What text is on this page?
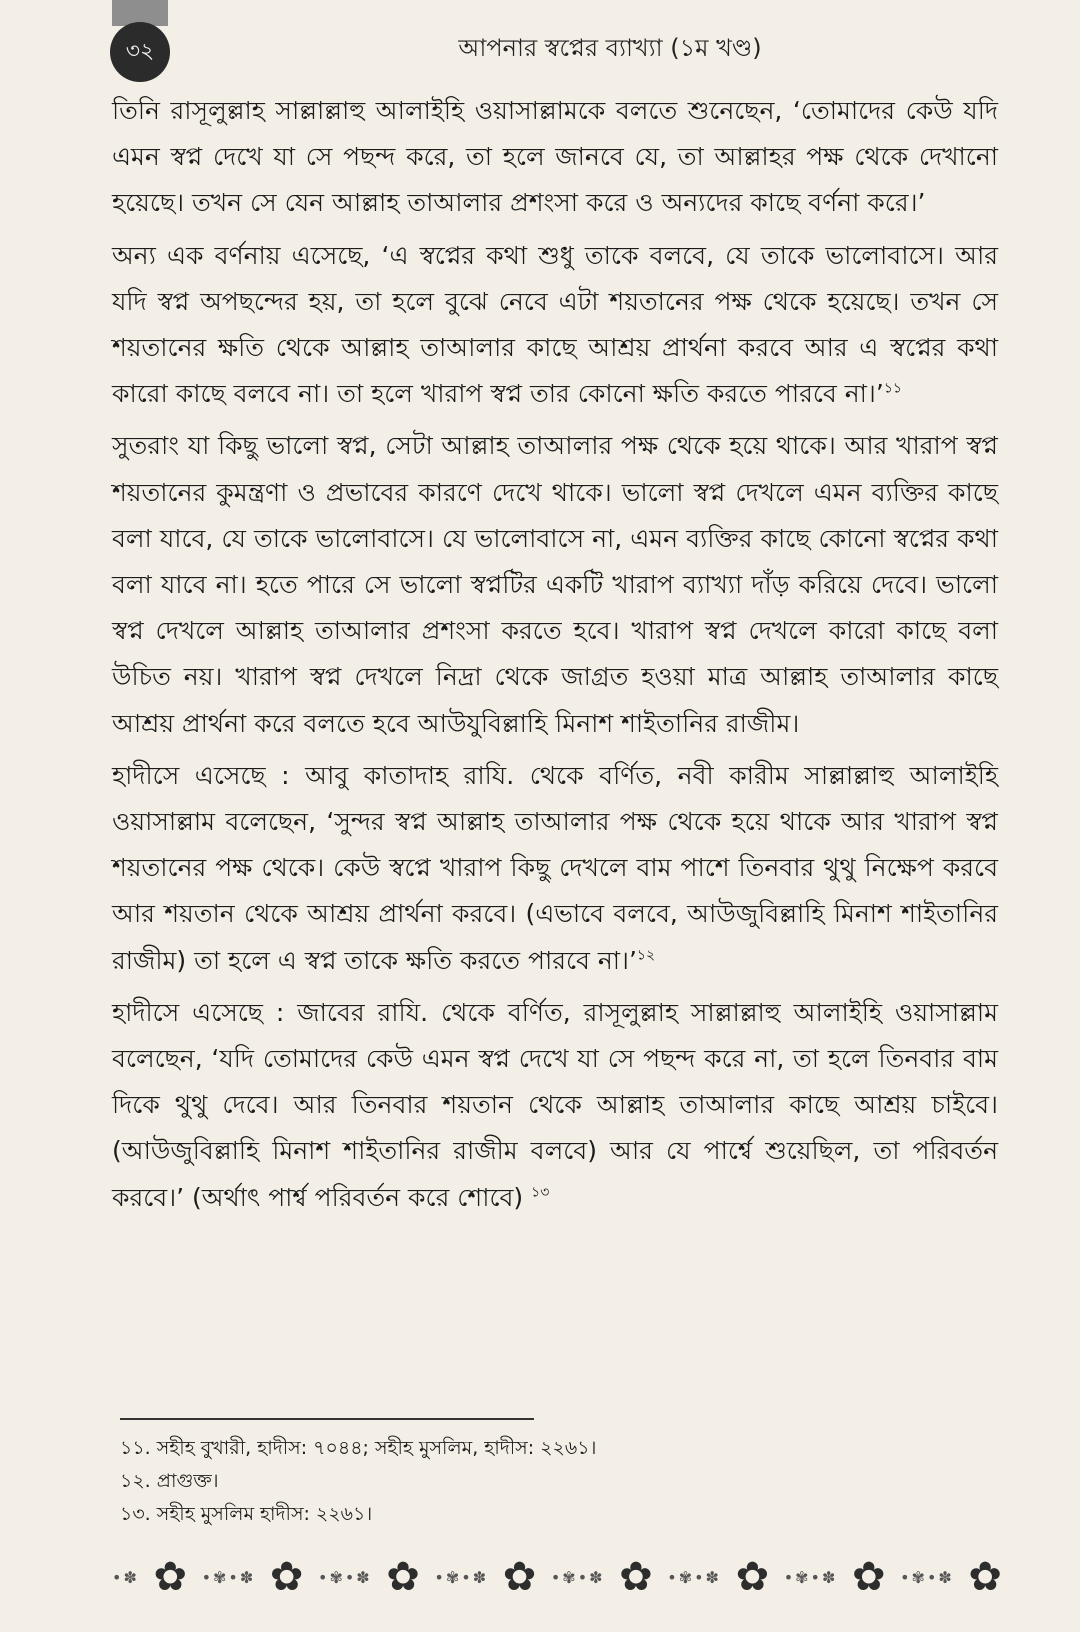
৩২	আপনার স্বপ্নের ব্যাখ্যা (১ম খণ্ড)

তিনি রাসূলুল্লাহ সাল্লাল্লাহু আলাইহি ওয়াসাল্লামকে বলতে শুনেছেন, ‘তোমাদের কেউ যদি এমন স্বপ্ন দেখে যা সে পছন্দ করে, তা হলে জানবে যে, তা আল্লাহর পক্ষ থেকে দেখানো হয়েছে। তখন সে যেন আল্লাহ তাআলার প্রশংসা করে ও অন্যদের কাছে বর্ণনা করে।’

অন্য এক বর্ণনায় এসেছে, ‘এ স্বপ্নের কথা শুধু তাকে বলবে, যে তাকে ভালোবাসে। আর যদি স্বপ্ন অপছন্দের হয়, তা হলে বুঝে নেবে এটা শয়তানের পক্ষ থেকে হয়েছে। তখন সে শয়তানের ক্ষতি থেকে আল্লাহ তাআলার কাছে আশ্রয় প্রার্থনা করবে আর এ স্বপ্নের কথা কারো কাছে বলবে না। তা হলে খারাপ স্বপ্ন তার কোনো ক্ষতি করতে পারবে না।’$^{১১}$

সুতরাং যা কিছু ভালো স্বপ্ন, সেটা আল্লাহ তাআলার পক্ষ থেকে হয়ে থাকে। আর খারাপ স্বপ্ন শয়তানের কুমন্ত্রণা ও প্রভাবের কারণে দেখে থাকে। ভালো স্বপ্ন দেখলে এমন ব্যক্তির কাছে বলা যাবে, যে তাকে ভালোবাসে। যে ভালোবাসে না, এমন ব্যক্তির কাছে কোনো স্বপ্নের কথা বলা যাবে না। হতে পারে সে ভালো স্বপ্নটির একটি খারাপ ব্যাখ্যা দাঁড় করিয়ে দেবে। ভালো স্বপ্ন দেখলে আল্লাহ তাআলার প্রশংসা করতে হবে। খারাপ স্বপ্ন দেখলে কারো কাছে বলা উচিত নয়। খারাপ স্বপ্ন দেখলে নিদ্রা থেকে জাগ্রত হওয়া মাত্র আল্লাহ তাআলার কাছে আশ্রয় প্রার্থনা করে বলতে হবে আউযুবিল্লাহি মিনাশ শাইতানির রাজীম।

হাদীসে এসেছে : আবু কাতাদাহ রাযি. থেকে বর্ণিত, নবী কারীম সাল্লাল্লাহু আলাইহি ওয়াসাল্লাম বলেছেন, ‘সুন্দর স্বপ্ন আল্লাহ তাআলার পক্ষ থেকে হয়ে থাকে আর খারাপ স্বপ্ন শয়তানের পক্ষ থেকে। কেউ স্বপ্নে খারাপ কিছু দেখলে বাম পাশে তিনবার থুথু নিক্ষেপ করবে আর শয়তান থেকে আশ্রয় প্রার্থনা করবে। (এভাবে বলবে, আউজুবিল্লাহি মিনাশ শাইতানির রাজীম) তা হলে এ স্বপ্ন তাকে ক্ষতি করতে পারবে না।’$^{১২}$

হাদীসে এসেছে : জাবের রাযি. থেকে বর্ণিত, রাসূলুল্লাহ সাল্লাল্লাহু আলাইহি ওয়াসাল্লাম বলেছেন, ‘যদি তোমাদের কেউ এমন স্বপ্ন দেখে যা সে পছন্দ করে না, তা হলে তিনবার বাম দিকে থুথু দেবে। আর তিনবার শয়তান থেকে আল্লাহ তাআলার কাছে আশ্রয় চাইবে। (আউজুবিল্লাহি মিনাশ শাইতানির রাজীম বলবে) আর যে পার্শ্বে শুয়েছিল, তা পরিবর্তন করবে।’ (অর্থাৎ পার্শ্ব পরিবর্তন করে শোবে) $^{১৩}$

১১. সহীহ বুখারী, হাদীস: ৭০৪৪; সহীহ মুসলিম, হাদীস: ২২৬১।
১২. প্রাগুক্ত।
১৩. সহীহ মুসলিম হাদীস: ২২৬১।
•✽ ✿ •✾•✽ ✿ •✾•✽ ✿ •✾•✽ ✿ •✾•✽ ✿ •✾•✽ ✿ •✾•✽ ✿ •✾•✽ ✿
